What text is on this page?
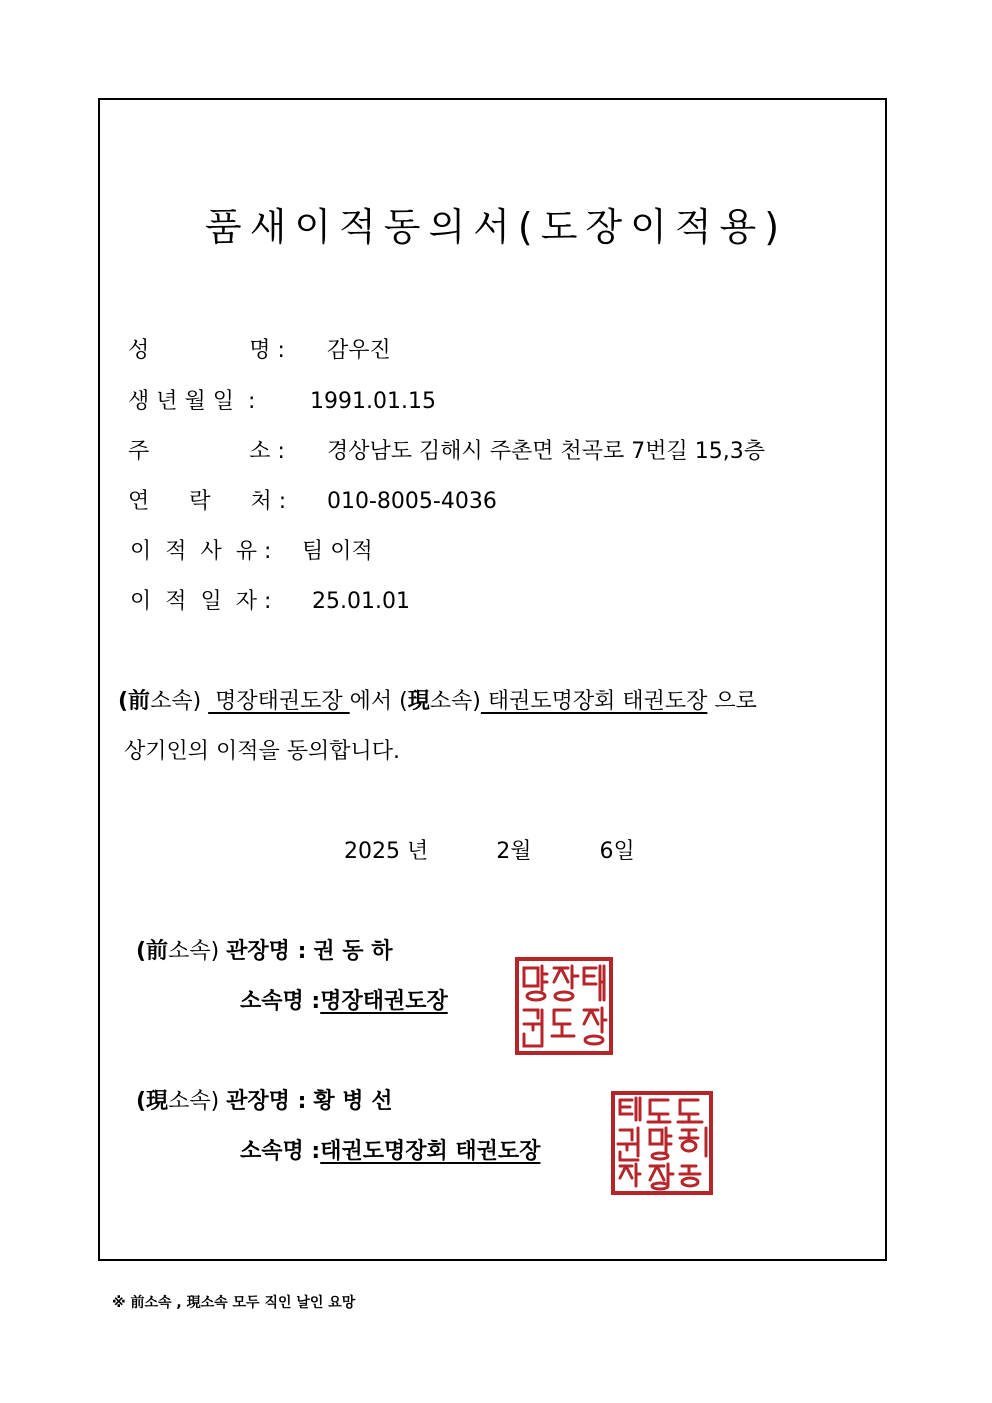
품새이적동의서(도장이적용)
성	명 : 감우진
생 년 월 일  : 1991.01.15
주	소 : 경상남도 김해시 주촌면 천곡로 7번길 15,3층
연 락 처 : 010-8005-4036
이  적  사  유 : 팀 이적
이  적  일  자 : 25.01.01
(前소속)  명장태권도장 에서 (現소속) 태권도명장회 태권도장 으로
상기인의 이적을 동의합니다.
2025 년	2월	6일
(前소속) 관장명 : 권 동 하
소속명 :명장태권도장
(現소속) 관장명 : 황 병 선
소속명 :태권도명장회 태권도장
※ 前소속 , 現소속 모두 직인 날인 요망
